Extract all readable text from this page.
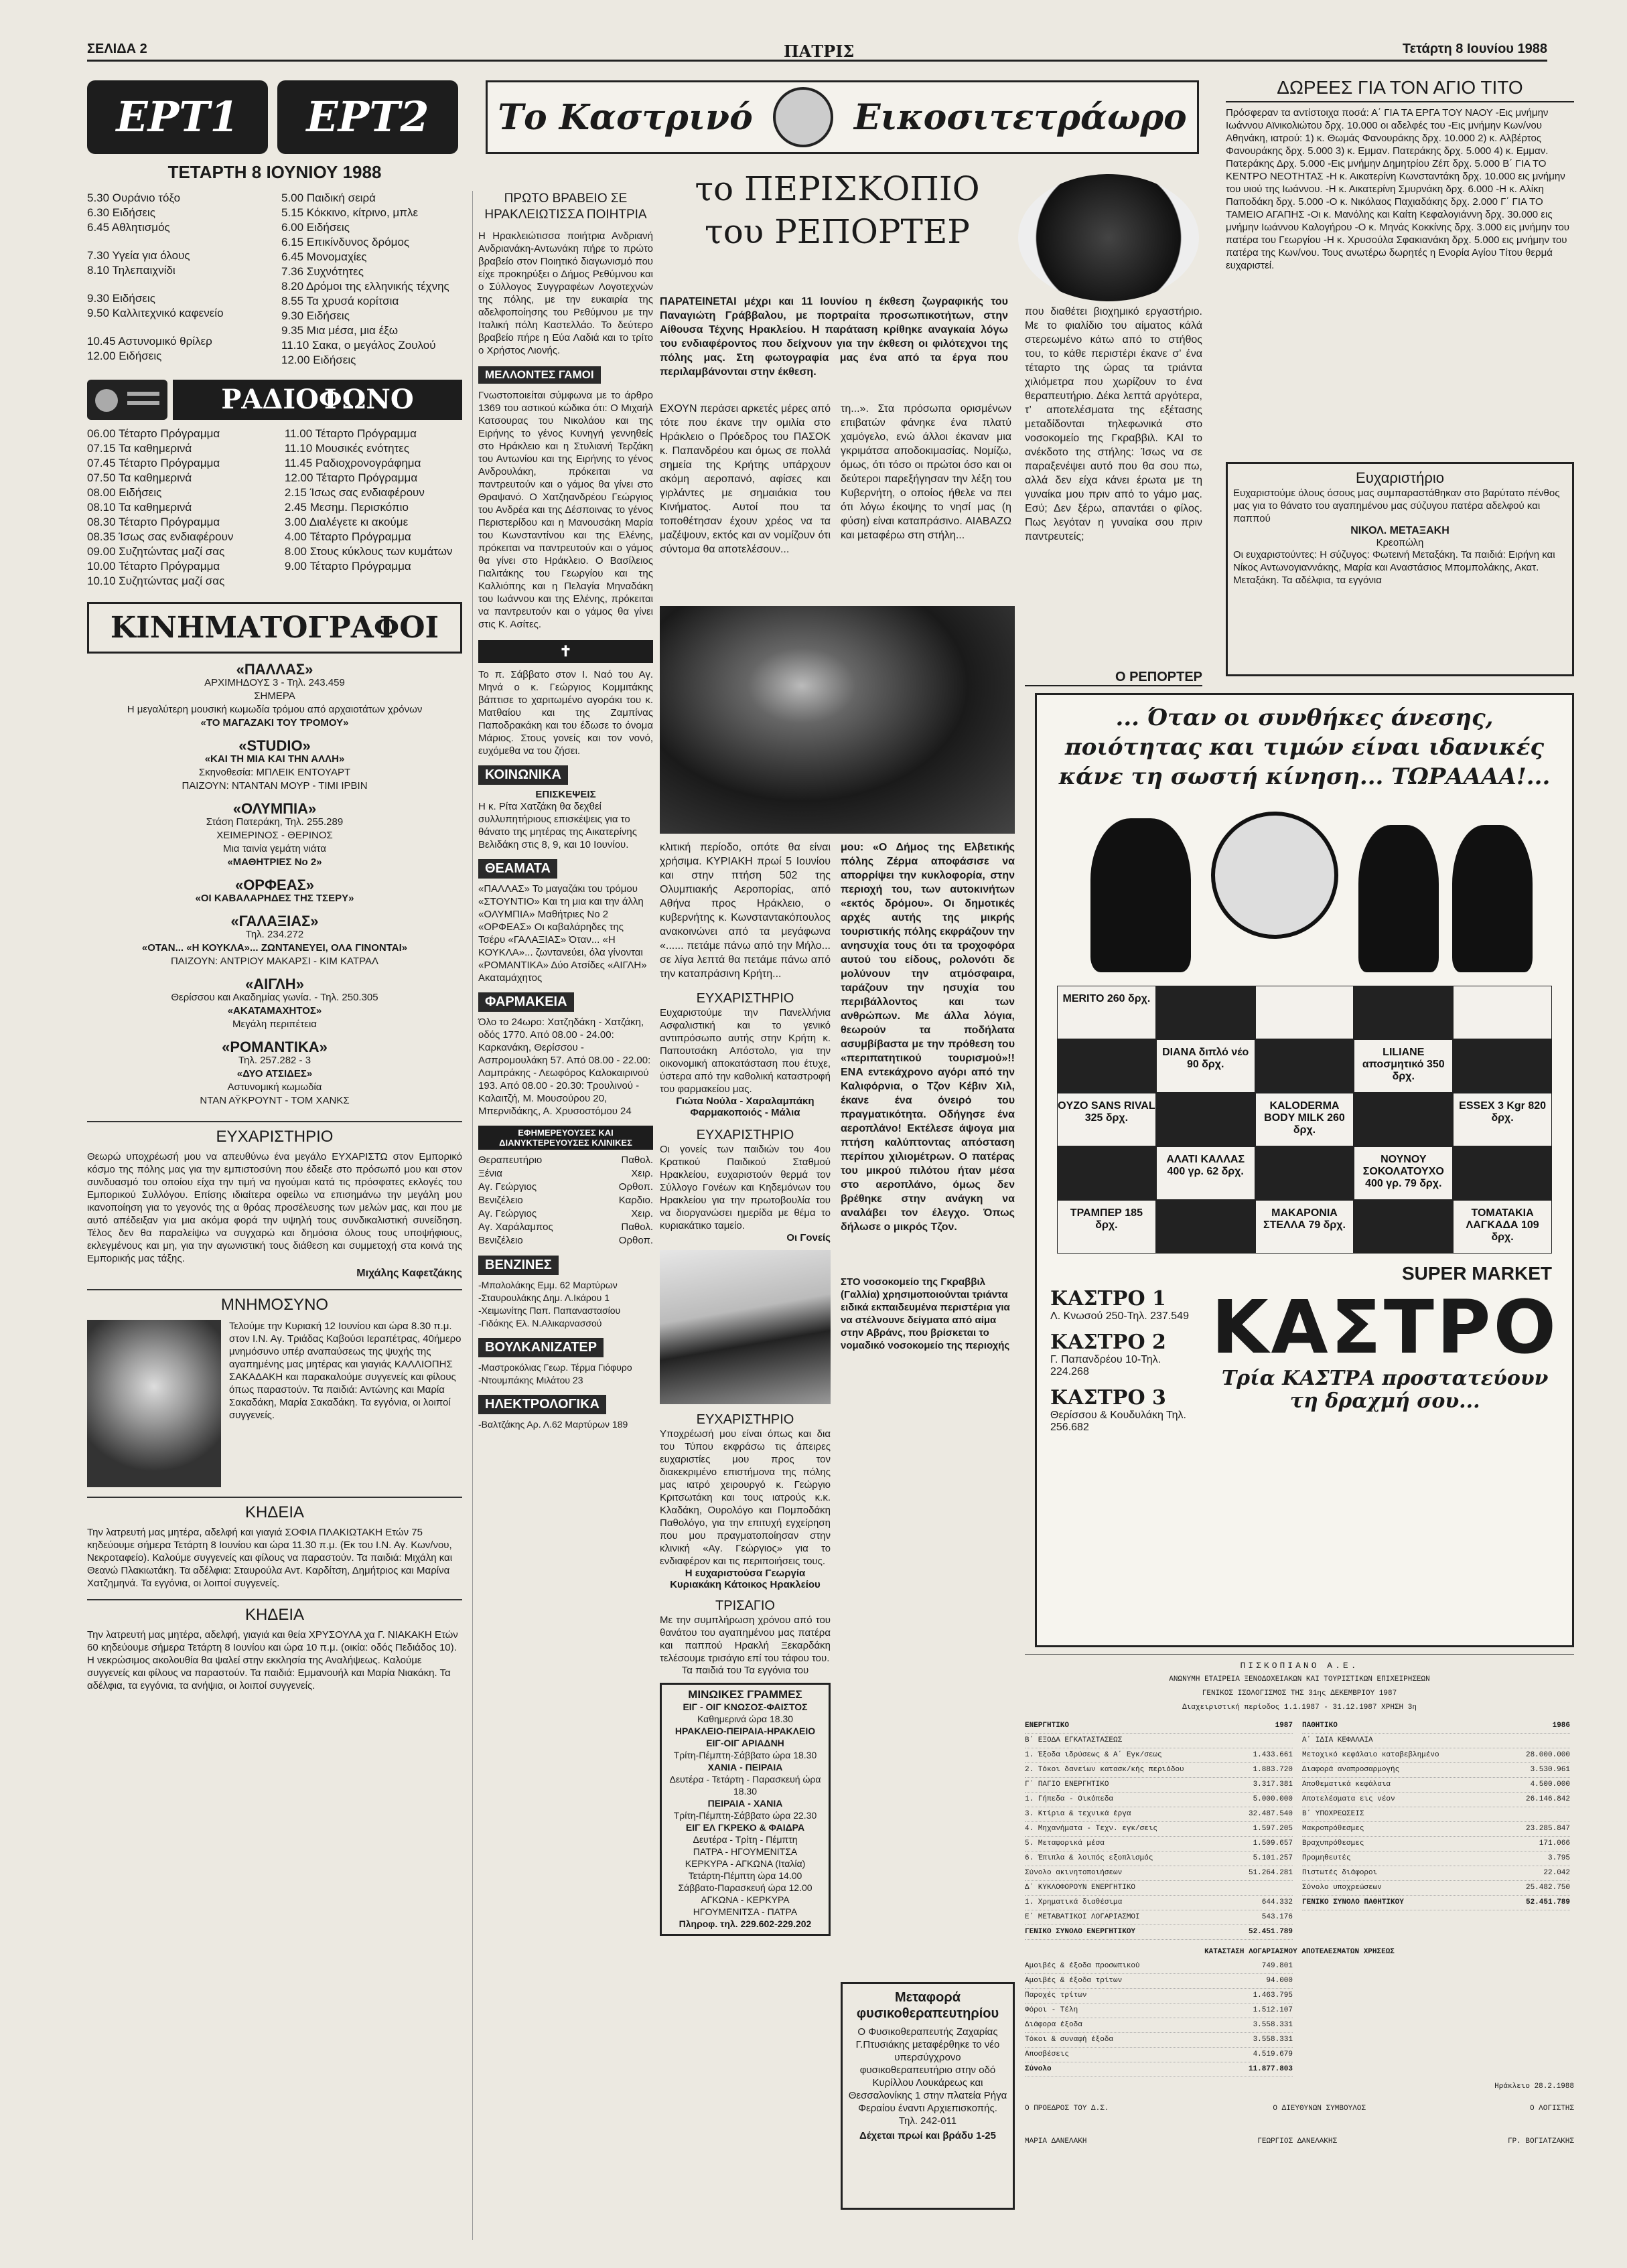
ΣΕΛΙΔΑ 2	ΠΑΤΡΙΣ	Τετάρτη 8 Ιουνίου 1988
ΕΡΤ1	ΕΡΤ2
ΤΕΤΑΡΤΗ 8 ΙΟΥΝΙΟΥ 1988
5.30 Ουράνιο τόξο
6.30 Ειδήσεις
6.45 Αθλητισμός
7.30 Υγεία για όλους
8.10 Τηλεπαιχνίδι
9.30 Ειδήσεις
9.50 Καλλιτεχνικό καφενείο
10.45 Αστυνομικό θρίλερ
12.00 Ειδήσεις
5.00 Παιδική σειρά
5.15 Κόκκινο, κίτρινο, μπλε
6.00 Ειδήσεις
6.15 Επικίνδυνος δρόμος
6.45 Μονομαχίες
7.36 Συχνότητες
8.20 Δρόμοι της ελληνικής τέχνης
8.55 Τα χρυσά κορίτσια
9.30 Ειδήσεις
9.35 Μια μέσα, μια έξω
11.10 Σακα, ο μεγάλος Ζουλού
12.00 Ειδήσεις
ΡΑΔΙΟΦΩΝΟ
06.00 Τέταρτο Πρόγραμμα
07.15 Τα καθημερινά
07.45 Τέταρτο Πρόγραμμα
07.50 Τα καθημερινά
08.00 Ειδήσεις
08.10 Τα καθημερινά
08.30 Τέταρτο Πρόγραμμα
08.35 Ίσως σας ενδιαφέρουν
09.00 Συζητώντας μαζί σας
10.00 Τέταρτο Πρόγραμμα
10.10 Συζητώντας μαζί σας
11.00 Τέταρτο Πρόγραμμα
11.10 Μουσικές ενότητες
11.45 Ραδιοχρονογράφημα
12.00 Τέταρτο Πρόγραμμα
2.15 Ίσως σας ενδιαφέρουν
2.45 Μεσημ. Περισκόπιο
3.00 Διαλέγετε κι ακούμε
4.00 Τέταρτο Πρόγραμμα
8.00 Στους κύκλους των κυμάτων
9.00 Τέταρτο Πρόγραμμα
ΚΙΝΗΜΑΤΟΓΡΑΦΟΙ
«ΠΑΛΛΑΣ»
ΑΡΧΙΜΗΔΟΥΣ 3 - Τηλ. 243.459
ΣΗΜΕΡΑ
Η μεγαλύτερη μουσική κωμωδία τρόμου από αρχαιοτάτων χρόνων
«ΤΟ ΜΑΓΑΖΑΚΙ ΤΟΥ ΤΡΟΜΟΥ»
«STUDIO»
«ΚΑΙ ΤΗ ΜΙΑ ΚΑΙ ΤΗΝ ΑΛΛΗ»
Σκηνοθεσία: ΜΠΛΕΙΚ ΕΝΤΟΥΑΡΤ
ΠΑΙΖΟΥΝ: ΝΤΑΝΤΑΝ ΜΟΥΡ - ΤΙΜΙ ΙΡΒΙΝ
«ΟΛΥΜΠΙΑ»
Στάση Πατεράκη, Τηλ. 255.289
ΧΕΙΜΕΡΙΝΟΣ - ΘΕΡΙΝΟΣ
Μια ταινία γεμάτη νιάτα
«ΜΑΘΗΤΡΙΕΣ Νο 2»
«ΟΡΦΕΑΣ»
«ΟΙ ΚΑΒΑΛΑΡΗΔΕΣ ΤΗΣ ΤΣΕΡΥ»
«ΓΑΛΑΞΙΑΣ»
Τηλ. 234.272
«ΟΤΑΝ... «Η ΚΟΥΚΛΑ»... ΖΩΝΤΑΝΕΥΕΙ, ΟΛΑ ΓΙΝΟΝΤΑΙ»
ΠΑΙΖΟΥΝ: ΑΝΤΡΙΟΥ ΜΑΚΑΡΣΙ - ΚΙΜ ΚΑΤΡΑΛ
«ΑΙΓΛΗ»
Θερίσσου και Ακαδημίας γωνία. - Τηλ. 250.305
«ΑΚΑΤΑΜΑΧΗΤΟΣ»
Μεγάλη περιπέτεια
«ΡΟΜΑΝΤΙΚΑ»
Τηλ. 257.282 - 3
«ΔΥΟ ΑΤΣΙΔΕΣ»
Αστυνομική κωμωδία
ΝΤΑΝ ΑΫΚΡΟΥΝΤ - ΤΟΜ ΧΑΝΚΣ
ΕΥΧΑΡΙΣΤΗΡΙΟ
Θεωρώ υποχρέωσή μου να απευθύνω ένα μεγάλο ΕΥΧΑΡΙΣΤΩ στον Εμπορικό κόσμο της πόλης μας για την εμπιστοσύνη που έδειξε στο πρόσωπό μου και στον συνδυασμό του οποίου είχα την τιμή να ηγούμαι κατά τις πρόσφατες εκλογές του Εμπορικού Συλλόγου. Επίσης ιδιαίτερα οφείλω να επισημάνω την μεγάλη μου ικανοποίηση για το γεγονός της α θρόας προσέλευσης των μελών μας, και που με αυτό απέδειξαν για μια ακόμα φορά την υψηλή τους συνδικαλιστική συνείδηση. Τέλος δεν θα παραλείψω να συγχαρώ και δημόσια όλους τους υποψήφιους, εκλεγμένους και μη, για την αγωνιστική τους διάθεση και συμμετοχή στα κοινά της Εμπορικής μας τάξης.
Μιχάλης Καφετζάκης
ΜΝΗΜΟΣΥΝΟ
Τελούμε την Κυριακή 12 Ιουνίου και ώρα 8.30 π.μ. στον Ι.Ν. Αγ. Τριάδας Καβούσι Ιεραπέτρας, 40ήμερο μνημόσυνο υπέρ αναπαύσεως της ψυχής της αγαπημένης μας μητέρας και γιαγιάς ΚΑΛΛΙΟΠΗΣ ΣΑΚΑΔΑΚΗ και παρακαλούμε συγγενείς και φίλους όπως παραστούν. Τα παιδιά: Αντώνης και Μαρία Σακαδάκη, Μαρία Σακαδάκη. Τα εγγόνια, οι λοιποί συγγενείς.
ΚΗΔΕΙΑ
Την λατρευτή μας μητέρα, αδελφή και γιαγιά ΣΟΦΙΑ ΠΛΑΚΙΩΤΑΚΗ Ετών 75 κηδεύουμε σήμερα Τετάρτη 8 Ιουνίου και ώρα 11.30 π.μ. (Εκ του Ι.Ν. Αγ. Κων/νου, Νεκροταφείο). Καλούμε συγγενείς και φίλους να παραστούν. Τα παιδιά: Μιχάλη και Θεανώ Πλακιωτάκη. Τα αδέλφια: Σταυρούλα Αντ. Καρδίτση, Δημήτριος και Μαρίνα Χατζημηνά. Τα εγγόνια, οι λοιποί συγγενείς.
ΚΗΔΕΙΑ
Την λατρευτή μας μητέρα, αδελφή, γιαγιά και θεία ΧΡΥΣΟΥΛΑ χα Γ. ΝΙΑΚΑΚΗ Ετών 60 κηδεύουμε σήμερα Τετάρτη 8 Ιουνίου και ώρα 10 π.μ. (οικία: οδός Πεδιάδος 10). Η νεκρώσιμος ακολουθία θα ψαλεί στην εκκλησία της Αναλήψεως. Καλούμε συγγενείς και φίλους να παραστούν. Τα παιδιά: Εμμανουήλ και Μαρία Νιακάκη. Τα αδέλφια, τα εγγόνια, τα ανήψια, οι λοιποί συγγενείς.
ΠΡΩΤΟ ΒΡΑΒΕΙΟ ΣΕ ΗΡΑΚΛΕΙΩΤΙΣΣΑ ΠΟΙΗΤΡΙΑ
Η Ηρακλειώτισσα ποιήτρια Ανδριανή Ανδριανάκη-Αντωνάκη πήρε το πρώτο βραβείο στον Ποιητικό διαγωνισμό που είχε προκηρύξει ο Δήμος Ρεθύμνου και ο Σύλλογος Συγγραφέων Λογοτεχνών της πόλης, με την ευκαιρία της αδελφοποίησης του Ρεθύμνου με την Ιταλική πόλη Καστελλάο. Το δεύτερο βραβείο πήρε η Εύα Λαδιά και το τρίτο ο Χρήστος Λιονής.
ΜΕΛΛΟΝΤΕΣ ΓΑΜΟΙ
Γνωστοποιείται σύμφωνα με το άρθρο 1369 του αστικού κώδικα ότι: Ο Μιχαήλ Κατσουρας του Νικολάου και της Ειρήνης το γένος Κυνηγή γεννηθείς στο Ηράκλειο και η Στυλιανή Τερζάκη του Αντωνίου και της Ειρήνης το γένος Ανδρουλάκη, πρόκειται να παντρευτούν και ο γάμος θα γίνει στο Θραψανό. Ο Χατζηανδρέου Γεώργιος του Ανδρέα και της Δέσποινας το γένος Περιστερίδου και η Μανουσάκη Μαρία του Κωνσταντίνου και της Ελένης, πρόκειται να παντρευτούν και ο γάμος θα γίνει στο Ηράκλειο. Ο Βασίλειος Γιαλιτάκης του Γεωργίου και της Καλλιόπης και η Πελαγία Μηναδάκη του Ιωάννου και της Ελένης, πρόκειται να παντρευτούν και ο γάμος θα γίνει στις Κ. Ασίτες.
✝
Το π. Σάββατο στον Ι. Ναό του Αγ. Μηνά ο κ. Γεώργιος Κομμιτάκης βάπτισε το χαριτωμένο αγοράκι του κ. Ματθαίου και της Ζαμπίνας Παποδρακάκη και του έδωσε το όνομα Μάριος. Στους γονείς και τον νονό, ευχόμεθα να του ζήσει.
ΚΟΙΝΩΝΙΚΑ
ΕΠΙΣΚΕΨΕΙΣ
Η κ. Ρίτα Χατζάκη θα δεχθεί συλλυπητήριους επισκέψεις για το θάνατο της μητέρας της Αικατερίνης Βελιδάκη στις 8, 9, και 10 Ιουνίου.
ΘΕΑΜΑΤΑ
«ΠΑΛΛΑΣ» Το μαγαζάκι του τρόμου «ΣΤΟΥΝΤΙΟ» Και τη μια και την άλλη «ΟΛΥΜΠΙΑ» Μαθήτριες Νο 2 «ΟΡΦΕΑΣ» Οι καβαλάρηδες της Τσέρυ «ΓΑΛΑΞΙΑΣ» Όταν... «Η ΚΟΥΚΛΑ»... ζωντανεύει, όλα γίνονται «ΡΟΜΑΝΤΙΚΑ» Δύο Ατσίδες «ΑΙΓΛΗ» Ακαταμάχητος
ΦΑΡΜΑΚΕΙΑ
Όλο το 24ωρο: Χατζηδάκη - Χατζάκη, οδός 1770. Από 08.00 - 24.00: Καρκανάκη, Θερίσσου - Ασπρομουλάκη 57. Από 08.00 - 22.00: Λαμπράκης - Λεωφόρος Καλοκαιρινού 193. Από 08.00 - 20.30: Τρουλινού - Καλαιτζή, Μ. Μουσούρου 20, Μπερνιδάκης, Α. Χρυσοστόμου 24
ΕΦΗΜΕΡΕΥΟΥΣΕΣ ΚΑΙ ΔΙΑΝΥΚΤΕΡΕΥΟΥΣΕΣ ΚΛΙΝΙΚΕΣ
Θεραπευτήριο	Παθολ.
Ξένια	Χειρ.
Αγ. Γεώργιος	Ορθοπ.
Βενιζέλειο	Καρδιο.
Αγ. Γεώργιος	Χειρ.
Αγ. Χαράλαμπος	Παθολ.
Βενιζέλειο	Ορθοπ.
ΒΕΝΖΙΝΕΣ
-Μπαλολάκης Εμμ. 62 Μαρτύρων -Σταυρουλάκης Δημ. Λ.Ικάρου 1 -Χειμωνίτης Παπ. Παπαναστασίου -Γιδάκης Ελ. Ν.Αλικαρνασσού
ΒΟΥΛΚΑΝΙΖΑΤΕΡ
-Μαστροκόλιας Γεωρ. Τέρμα Γιόφυρο -Ντουμπάκης Μιλάτου 23
ΗΛΕΚΤΡΟΛΟΓΙΚΑ
-Βαλτζάκης Αρ. Λ.62 Μαρτύρων 189
Το Καστρινό	Εικοσιτετράωρο
το ΠΕΡΙΣΚΟΠΙΟ
του ΡΕΠΟΡΤΕΡ
ΠΑΡΑΤΕΙΝΕΤΑΙ μέχρι και 11 Ιουνίου η έκθεση ζωγραφικής του Παναγιώτη Γράββαλου, με πορτραίτα προσωπικοτήτων, στην Αίθουσα Τέχνης Ηρακλείου. Η παράταση κρίθηκε αναγκαία λόγω του ενδιαφέροντος που δείχνουν για την έκθεση οι φιλότεχνοι της πόλης μας. Στη φωτογραφία μας ένα από τα έργα που περιλαμβάνονται στην έκθεση.
ΕΧΟΥΝ περάσει αρκετές μέρες από τότε που έκανε την ομιλία στο Ηράκλειο ο Πρόεδρος του ΠΑΣΟΚ κ. Παπανδρέου και όμως σε πολλά σημεία της Κρήτης υπάρχουν ακόμη αεροπανό, αφίσες και γιρλάντες με σημαιάκια του Κινήματος. Αυτοί που τα τοποθέτησαν έχουν χρέος να τα μαζέψουν, εκτός και αν νομίζουν ότι σύντομα θα αποτελέσουν...
τη...». Στα πρόσωπα ορισμένων επιβατών φάνηκε ένα πλατύ χαμόγελο, ενώ άλλοι έκαναν μια γκριμάτσα αποδοκιμασίας. Νομίζω, όμως, ότι τόσο οι πρώτοι όσο και οι δεύτεροι παρεξήγησαν την λέξη του Κυβερνήτη, ο οποίος ήθελε να πει ότι λόγω έκοψης το νησί μας (η φύση) είναι καταπράσινο. ΑΙΑΒΑΖΩ και μεταφέρω στη στήλη...
που διαθέτει βιοχημικό εργαστήριο. Με το φιαλίδιο του αίματος κάλά στερεωμένο κάτω από το στήθος του, το κάθε περιστέρι έκανε σ’ ένα τέταρτο της ώρας τα τριάντα χιλιόμετρα που χωρίζουν το ένα θεραπευτήριο. Δέκα λεπτά αργότερα, τ’ αποτελέσματα της εξέτασης μεταδίδονται τηλεφωνικά στο νοσοκομείο της Γκραββιλ. ΚΑΙ το ανέκδοτο της στήλης: Ίσως να σε παραξενέψει αυτό που θα σου πω, αλλά δεν είχα κάνει έρωτα με τη γυναίκα μου πριν από το γάμο μας. Εσύ; Δεν ξέρω, απαντάει ο φίλος. Πως λεγόταν η γυναίκα σου πριν παντρευτείς;
Ο ΡΕΠΟΡΤΕΡ
κλιτική περίοδο, οπότε θα είναι χρήσιμα. ΚΥΡΙΑΚΗ πρωί 5 Ιουνίου και στην πτήση 502 της Ολυμπιακής Αεροπορίας, από Αθήνα προς Ηράκλειο, ο κυβερνήτης κ. Κωνσταντακόπουλος ανακοινώνει από τα μεγάφωνα «...... πετάμε πάνω από την Μήλο... σε λίγα λεπτά θα πετάμε πάνω από την καταπράσινη Κρήτη...
μου: «Ο Δήμος της Ελβετικής πόλης Ζέρμα αποφάσισε να απορρίψει την κυκλοφορία, στην περιοχή του, των αυτοκινήτων «εκτός δρόμου». Οι δημοτικές αρχές αυτής της μικρής τουριστικής πόλης εκφράζουν την ανησυχία τους ότι τα τροχοφόρα αυτού του είδους, ρολονότι δε μολύνουν την ατμόσφαιρα, ταράζουν την ησυχία του περιβάλλοντος και των ανθρώπων. Με άλλα λόγια, θεωρούν τα ποδήλατα ασυμβίβαστα με την πρόθεση του «περιπατητικού τουρισμού»!! ΕΝΑ εντεκάχρονο αγόρι από την Καλιφόρνια, ο Τζον Κέβιν Χιλ, έκανε ένα όνειρό του πραγματικότητα. Οδήγησε ένα αεροπλάνο! Εκτέλεσε άψογα μια πτήση καλύπτοντας απόσταση περίπου χιλιομέτρων. Ο πατέρας του μικρού πιλότου ήταν μέσα στο αεροπλάνο, όμως δεν βρέθηκε στην ανάγκη να αναλάβει τον έλεγχο. Όπως δήλωσε ο μικρός Τζον.
ΕΥΧΑΡΙΣΤΗΡΙΟ
Ευχαριστούμε την Πανελλήνια Ασφαλιστική και το γενικό αντιπρόσωπο αυτής στην Κρήτη κ. Παπουτσάκη Απόστολο, για την οικονομική αποκατάσταση που έτυχε, ύστερα από την καθολική καταστροφή του φαρμακείου μας.
Γιώτα Νούλα - Χαραλαμπάκη Φαρμακοποιός - Μάλια
ΕΥΧΑΡΙΣΤΗΡΙΟ
Οι γονείς των παιδιών του 4ου Κρατικού Παιδικού Σταθμού Ηρακλείου, ευχαριστούν θερμά τον Σύλλογο Γονέων και Κηδεμόνων του Ηρακλείου για την πρωτοβουλία του να διοργανώσει ημερίδα με θέμα το κυριακάτικο ταμείο.
Οι Γονείς
ΕΥΧΑΡΙΣΤΗΡΙΟ
Υποχρέωσή μου είναι όπως και δια του Τύπου εκφράσω τις άπειρες ευχαριστίες μου προς τον διακεκριμένο επιστήμονα της πόλης μας ιατρό χειρουργό κ. Γεώργιο Κριτσωτάκη και τους ιατρούς κ.κ. Κλαδάκη, Ουρολόγο και Πομποδάκη Παθολόγο, για την επιτυχή εγχείρηση που μου πραγματοποίησαν στην κλινική «Αγ. Γεώργιος» για το ενδιαφέρον και τις περιποιήσεις τους.
Η ευχαριστούσα Γεωργία Κυριακάκη Κάτοικος Ηρακλείου
ΤΡΙΣΑΓΙΟ
Με την συμπλήρωση χρόνου από του θανάτου του αγαπημένου μας πατέρα και παππού Ηρακλή Ξεκαρδάκη τελέσουμε τρισάγιο επί του τάφου του.
Τα παιδιά του Τα εγγόνια του
ΜΙΝΩΙΚΕΣ ΓΡΑΜΜΕΣ
ΕΙΓ - ΟΙΓ ΚΝΩΣΟΣ-ΦΑΙΣΤΟΣ
Καθημερινά ώρα 18.30
ΗΡΑΚΛΕΙΟ-ΠΕΙΡΑΙΑ-ΗΡΑΚΛΕΙΟ
ΕΙΓ-ΟΙΓ ΑΡΙΑΔΝΗ
Τρίτη-Πέμπτη-Σάββατο ώρα 18.30
ΧΑΝΙΑ - ΠΕΙΡΑΙΑ
Δευτέρα - Τετάρτη - Παρασκευή ώρα 18.30
ΠΕΙΡΑΙΑ - ΧΑΝΙΑ
Τρίτη-Πέμπτη-Σάββατο ώρα 22.30
ΕΙΓ ΕΛ ΓΚΡΕΚΟ & ΦΑΙΔΡΑ
Δευτέρα - Τρίτη - Πέμπτη
ΠΑΤΡΑ - ΗΓΟΥΜΕΝΙΤΣΑ
ΚΕΡΚΥΡΑ - ΑΓΚΩΝΑ (Ιταλία)
Τετάρτη-Πέμπτη ώρα 14.00
Σάββατο-Παρασκευή ώρα 12.00
ΑΓΚΩΝΑ - ΚΕΡΚΥΡΑ
ΗΓΟΥΜΕΝΙΤΣΑ - ΠΑΤΡΑ
Πληροφ. τηλ. 229.602-229.202
ΣΤΟ νοσοκομείο της Γκραββιλ (Γαλλία) χρησιμοποιούνται τριάντα ειδικά εκπαιδευμένα περιστέρια για να στέλνουνε δείγματα από αίμα στην Αβράνς, που βρίσκεται το νομαδικό νοσοκομείο της περιοχής
Μεταφορά φυσικοθεραπευτηρίου
Ο Φυσικοθεραπευτής Ζαχαρίας Γ.Πτυσιάκης μεταφέρθηκε το νέο υπερσύγχρονο φυσικοθεραπευτήριο στην οδό Κυρίλλου Λουκάρεως και Θεσσαλονίκης 1 στην πλατεία Ρήγα Φεραίου έναντι Αρχιεπισκοπής. Τηλ. 242-011
Δέχεται πρωί και βράδυ 1-25
ΔΩΡΕΕΣ ΓΙΑ ΤΟΝ ΑΓΙΟ ΤΙΤΟ
Πρόσφεραν τα αντίστοιχα ποσά: Α΄ ΓΙΑ ΤΑ ΕΡΓΑ ΤΟΥ ΝΑΟΥ -Εις μνήμην Ιωάννου Αϊνικολιώτου δρχ. 10.000 οι αδελφές του -Εις μνήμην Κων/νου Αθηνάκη, ιατρού: 1) κ. Θωμάς Φανουράκης δρχ. 10.000 2) κ. Αλβέρτος Φανουράκης δρχ. 5.000 3) κ. Εμμαν. Πατεράκης δρχ. 5.000 4) κ. Εμμαν. Πατεράκης Δρχ. 5.000 -Εις μνήμην Δημητρίου Ζέπ δρχ. 5.000 Β΄ ΓΙΑ ΤΟ ΚΕΝΤΡΟ ΝΕΟΤΗΤΑΣ -Η κ. Αικατερίνη Κωνσταντάκη δρχ. 10.000 εις μνήμην του υιού της Ιωάννου. -Η κ. Αικατερίνη Σμυρνάκη δρχ. 6.000 -Η κ. Αλίκη Παποδάκη δρχ. 5.000 -Ο κ. Νικόλαος Παχιαδάκης δρχ. 2.000 Γ΄ ΓΙΑ ΤΟ ΤΑΜΕΙΟ ΑΓΑΠΗΣ -Οι κ. Μανόλης και Καίτη Κεφαλογιάννη δρχ. 30.000 εις μνήμην Ιωάννου Καλογήρου -Ο κ. Μηνάς Κοκκίνης δρχ. 3.000 εις μνήμην του πατέρα του Γεωργίου -Η κ. Χρυσούλα Σφακιανάκη δρχ. 5.000 εις μνήμην του πατέρα της Κων/νου. Τους ανωτέρω δωρητές η Ενορία Αγίου Τίτου θερμά ευχαριστεί.
Ευχαριστήριο
Ευχαριστούμε όλους όσους μας συμπαραστάθηκαν στο βαρύτατο πένθος μας για το θάνατο του αγαπημένου μας σύζυγου πατέρα αδελφού και παππού
ΝΙΚΟΛ. ΜΕΤΑΞΑΚΗ
Κρεοπώλη
Οι ευχαριστούντες: Η σύζυγος: Φωτεινή Μεταξάκη. Τα παιδιά: Ειρήνη και Νίκος Αντωνογιαννάκης, Μαρία και Αναστάσιος Μπομπολάκης, Ακατ. Μεταξάκη. Τα αδέλφια, τα εγγόνια
... Όταν οι συνθήκες άνεσης, ποιότητας και τιμών είναι ιδανικές κάνε τη σωστή κίνηση... ΤΩΡΑΑΑΑ!...
MERITO 260 δρχ.
DIANA διπλό νέο 90 δρχ.
LILIANE αποσμητικό 350 δρχ.
OYZO SANS RIVAL 325 δρχ.
KALODERMA BODY MILK 260 δρχ.
ESSEX 3 Kgr 820 δρχ.
ΑΛΑΤΙ ΚΑΛΛΑΣ 400 γρ. 62 δρχ.
ΝΟΥΝΟΥ ΣΟΚΟΛΑΤΟΥΧΟ 400 γρ. 79 δρχ.
ΤΡΑΜΠΕΡ 185 δρχ.
ΜΑΚΑΡΟΝΙΑ ΣΤΕΛΛΑ 79 δρχ.
ΤΟΜΑΤΑΚΙΑ ΛΑΓΚΑΔΑ 109 δρχ.
SUPER MARKET
ΚΑΣΤΡΟ 1
Λ. Κνωσού 250-Τηλ. 237.549
ΚΑΣΤΡΟ 2
Γ. Παπανδρέου 10-Τηλ. 224.268
ΚΑΣΤΡΟ 3
Θερίσσου & Κουδυλάκη Τηλ. 256.682
ΚΑΣΤΡΟ
Τρία ΚΑΣΤΡΑ προστατεύουν τη δραχμή σου...
ΠΙΣΚΟΠΙΑΝΟ Α.Ε.
ΑΝΩΝΥΜΗ ΕΤΑΙΡΕΙΑ ΞΕΝΟΔΟΧΕΙΑΚΩΝ ΚΑΙ ΤΟΥΡΙΣΤΙΚΩΝ ΕΠΙΧΕΙΡΗΣΕΩΝ
ΓΕΝΙΚΟΣ ΙΣΟΛΟΓΙΣΜΟΣ ΤΗΣ 31ης ΔΕΚΕΜΒΡΙΟΥ 1987
Διαχειριστική περίοδος 1.1.1987 - 31.12.1987 ΧΡΗΣΗ 3η
ΕΝΕΡΓΗΤΙΚΟ	1987
Β΄ ΕΞΟΔΑ ΕΓΚΑΤΑΣΤΑΣΕΩΣ
1. Έξοδα ιδρύσεως & Α΄ Εγκ/σεως	1.433.661
2. Τόκοι δανείων κατασκ/κής περιόδου	1.883.720
Γ΄ ΠΑΓΙΟ ΕΝΕΡΓΗΤΙΚΟ	3.317.381
1. Γήπεδα - Οικόπεδα	5.000.000
3. Κτίρια & τεχνικά έργα	32.487.540
4. Μηχανήματα - Τεχν. εγκ/σεις	1.597.205
5. Μεταφορικά μέσα	1.509.657
6. Έπιπλα & λοιπός εξοπλισμός	5.101.257
Σύνολο ακινητοποιήσεων	51.264.281
Δ΄ ΚΥΚΛΟΦΟΡΟΥΝ ΕΝΕΡΓΗΤΙΚΟ
1. Χρηματικά διαθέσιμα	644.332
Ε΄ ΜΕΤΑΒΑΤΙΚΟΙ ΛΟΓΑΡΙΑΣΜΟΙ	543.176
ΓΕΝΙΚΟ ΣΥΝΟΛΟ ΕΝΕΡΓΗΤΙΚΟΥ	52.451.789
ΠΑΘΗΤΙΚΟ	1986
Α΄ ΙΔΙΑ ΚΕΦΑΛΑΙΑ
Μετοχικό κεφάλαιο καταβεβλημένο	28.000.000
Διαφορά αναπροσαρμογής	3.530.961
Αποθεματικά κεφάλαια	4.500.000
Αποτελέσματα εις νέον	26.146.842
Β΄ ΥΠΟΧΡΕΩΣΕΙΣ
Μακροπρόθεσμες	23.285.847
Βραχυπρόθεσμες	171.066
Προμηθευτές	3.795
Πιστωτές διάφοροι	22.042
Σύνολο υποχρεώσεων	25.482.750
ΓΕΝΙΚΟ ΣΥΝΟΛΟ ΠΑΘΗΤΙΚΟΥ	52.451.789
ΚΑΤΑΣΤΑΣΗ ΛΟΓΑΡΙΑΣΜΟΥ ΑΠΟΤΕΛΕΣΜΑΤΩΝ ΧΡΗΣΕΩΣ
Αμοιβές & έξοδα προσωπικού	749.801
Αμοιβές & έξοδα τρίτων	94.000
Παροχές τρίτων	1.463.795
Φόροι - Τέλη	1.512.107
Διάφορα έξοδα	3.558.331
Τόκοι & συναφή έξοδα	3.558.331
Αποσβέσεις	4.519.679
Σύνολο	11.877.803
Ηράκλειο 28.2.1988
Ο ΠΡΟΕΔΡΟΣ ΤΟΥ Δ.Σ.	Ο ΔΙΕΥΘΥΝΩΝ ΣΥΜΒΟΥΛΟΣ	Ο ΛΟΓΙΣΤΗΣ
ΜΑΡΙΑ ΔΑΝΕΛΑΚΗ	ΓΕΩΡΓΙΟΣ ΔΑΝΕΛΑΚΗΣ	ΓΡ. ΒΟΓΙΑΤΖΑΚΗΣ
